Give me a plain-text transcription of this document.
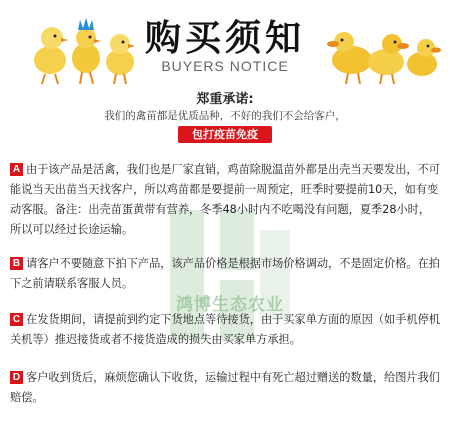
购买须知
BUYERS NOTICE
郑重承诺:
我们的禽苗都是优质品种，不好的我们不会给客户，
包打疫苗免疫
鸿博生态农业
A 由于该产品是活禽，我们也是厂家直销，鸡苗除脱温苗外都是出壳当天要发出，不可能说当天出苗当天找客户，所以鸡苗都是要提前一周预定，旺季时要提前10天，如有变动客服。备注：出壳苗蛋黄带有营养，冬季48小时内不吃喝没有问题，夏季28小时，所以可以经过长途运输。
B 请客户不要随意下拍下产品，该产品价格是根据市场价格调动，不是固定价格。在拍下之前请联系客服人员。
C 在发货期间，请提前到约定下货地点等待接货，由于买家单方面的原因（如手机停机关机等）推迟接货或者不接货造成的损失由买家单方承担。
D 客户收到货后，麻烦您确认下收货，运输过程中有死亡超过赠送的数量，给图片我们赔偿。
